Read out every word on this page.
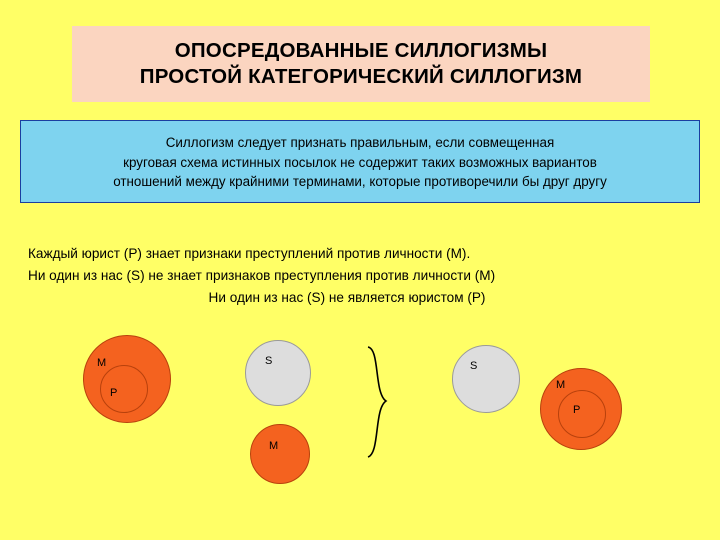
ОПОСРЕДОВАННЫЕ СИЛЛОГИЗМЫ
ПРОСТОЙ КАТЕГОРИЧЕСКИЙ СИЛЛОГИЗМ
Силлогизм следует признать правильным, если совмещенная
круговая схема истинных посылок не содержит таких возможных вариантов
отношений между крайними терминами, которые противоречили бы друг другу
Каждый юрист (Р) знает признаки преступлений против личности (М).
Ни один из нас (S) не знает признаков преступления против личности (М)
Ни один из нас (S) не является юристом (Р)
М
Р
S
М
S
М
Р
